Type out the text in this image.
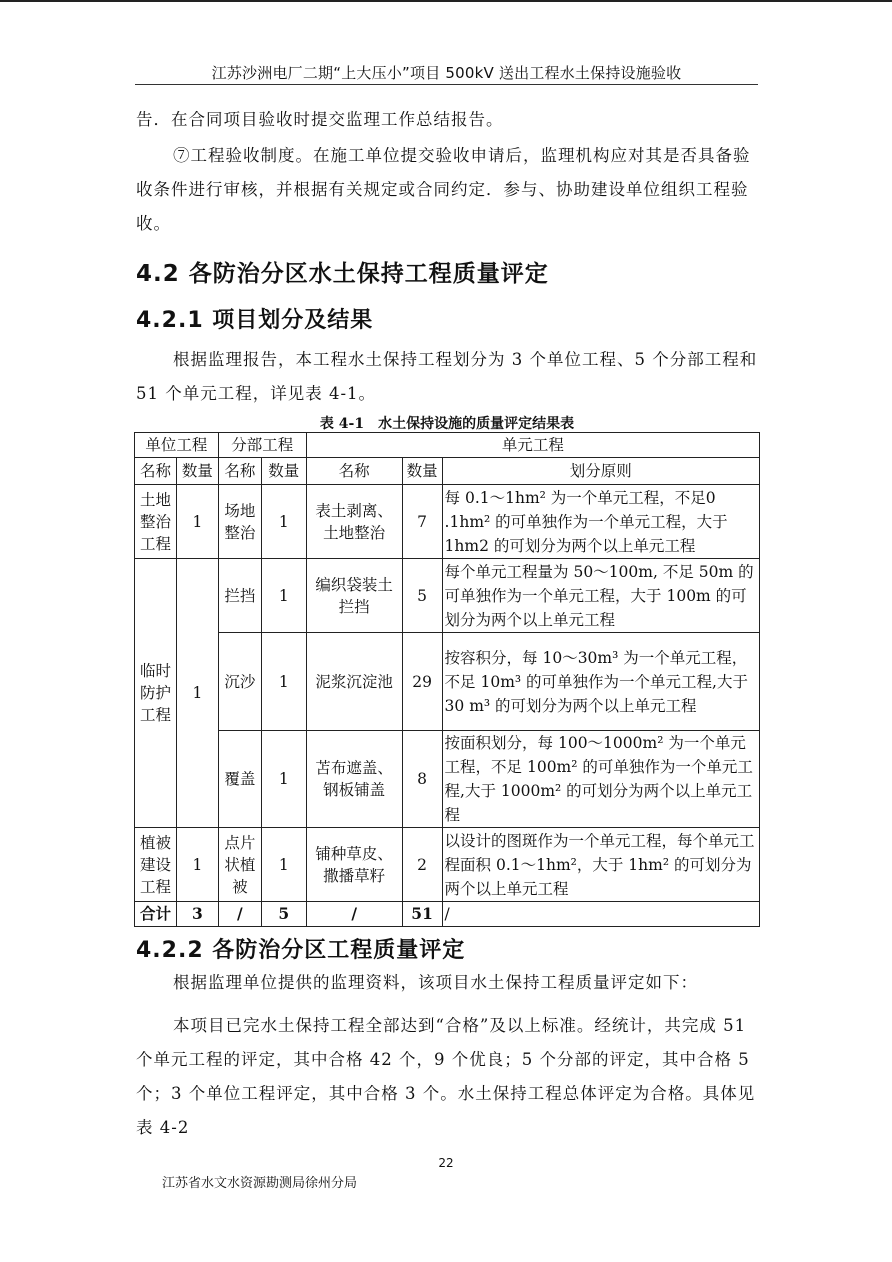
江苏沙洲电厂二期“上大压小”项目 500kV 送出工程水土保持设施验收
告．在合同项目验收时提交监理工作总结报告。
⑦工程验收制度。在施工单位提交验收申请后，监理机构应对其是否具备验收条件进行审核，并根据有关规定或合同约定．参与、协助建设单位组织工程验收。
4.2 各防治分区水土保持工程质量评定
4.2.1 项目划分及结果
根据监理报告，本工程水土保持工程划分为 3 个单位工程、5 个分部工程和 51 个单元工程，详见表 4-1。
表 4-1　水土保持设施的质量评定结果表
单位工程		分部工程		单元工程		
名称	数量	名称	数量	名称	数量	划分原则
土地整治工程	1	场地整治	1	表土剥离、土地整治	7	每 0.1～1hm² 为一个单元工程，不足0 .1hm² 的可单独作为一个单元工程，大于 1hm2 的可划分为两个以上单元工程
临时防护工程	1	拦挡	1	编织袋装土拦挡	5	每个单元工程量为 50～100m, 不足 50m 的可单独作为一个单元工程，大于 100m 的可划分为两个以上单元工程
		沉沙	1	泥浆沉淀池	29	按容积分，每 10～30m³ 为一个单元工程，不足 10m³ 的可单独作为一个单元工程,大于 30 m³ 的可划分为两个以上单元工程
		覆盖	1	苫布遮盖、钢板铺盖	8	按面积划分，每 100～1000m² 为一个单元工程，不足 100m² 的可单独作为一个单元工程,大于 1000m² 的可划分为两个以上单元工程
植被建设工程	1	点片状植被	1	铺种草皮、撒播草籽	2	以设计的图斑作为一个单元工程，每个单元工程面积 0.1～1hm²，大于 1hm² 的可划分为两个以上单元工程
合计	3	/	5	/	51	/
4.2.2 各防治分区工程质量评定
根据监理单位提供的监理资料，该项目水土保持工程质量评定如下：
本项目已完水土保持工程全部达到“合格”及以上标准。经统计，共完成 51 个单元工程的评定，其中合格 42 个，9 个优良；5 个分部的评定，其中合格 5 个；3 个单位工程评定，其中合格 3 个。水土保持工程总体评定为合格。具体见表 4-2
22
江苏省水文水资源勘测局徐州分局
